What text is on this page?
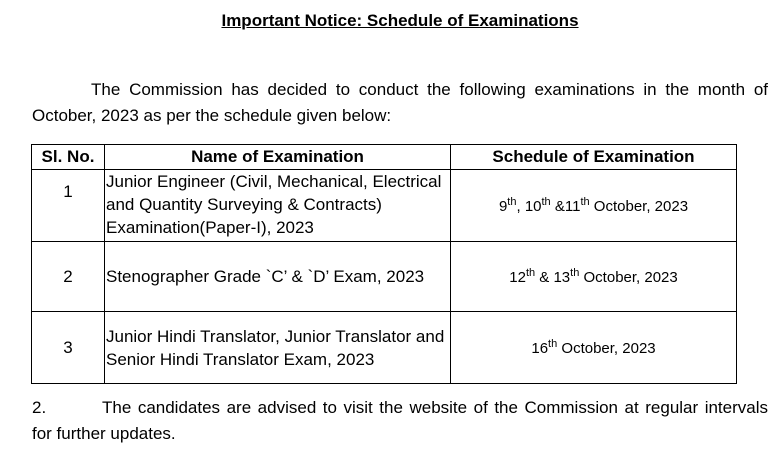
Important Notice: Schedule of Examinations
The Commission has decided to conduct the following examinations in the month of October, 2023 as per the schedule given below:
Sl. No.	Name of Examination	Schedule of Examination
1	Junior Engineer (Civil, Mechanical, Electrical and Quantity Surveying & Contracts) Examination(Paper-I), 2023	9th, 10th &11th October, 2023
2	Stenographer Grade `C’ & `D’ Exam, 2023	12th & 13th October, 2023
3	Junior Hindi Translator, Junior Translator and Senior Hindi Translator Exam, 2023	16th October, 2023
2.	The candidates are advised to visit the website of the Commission at regular intervals for further updates.
